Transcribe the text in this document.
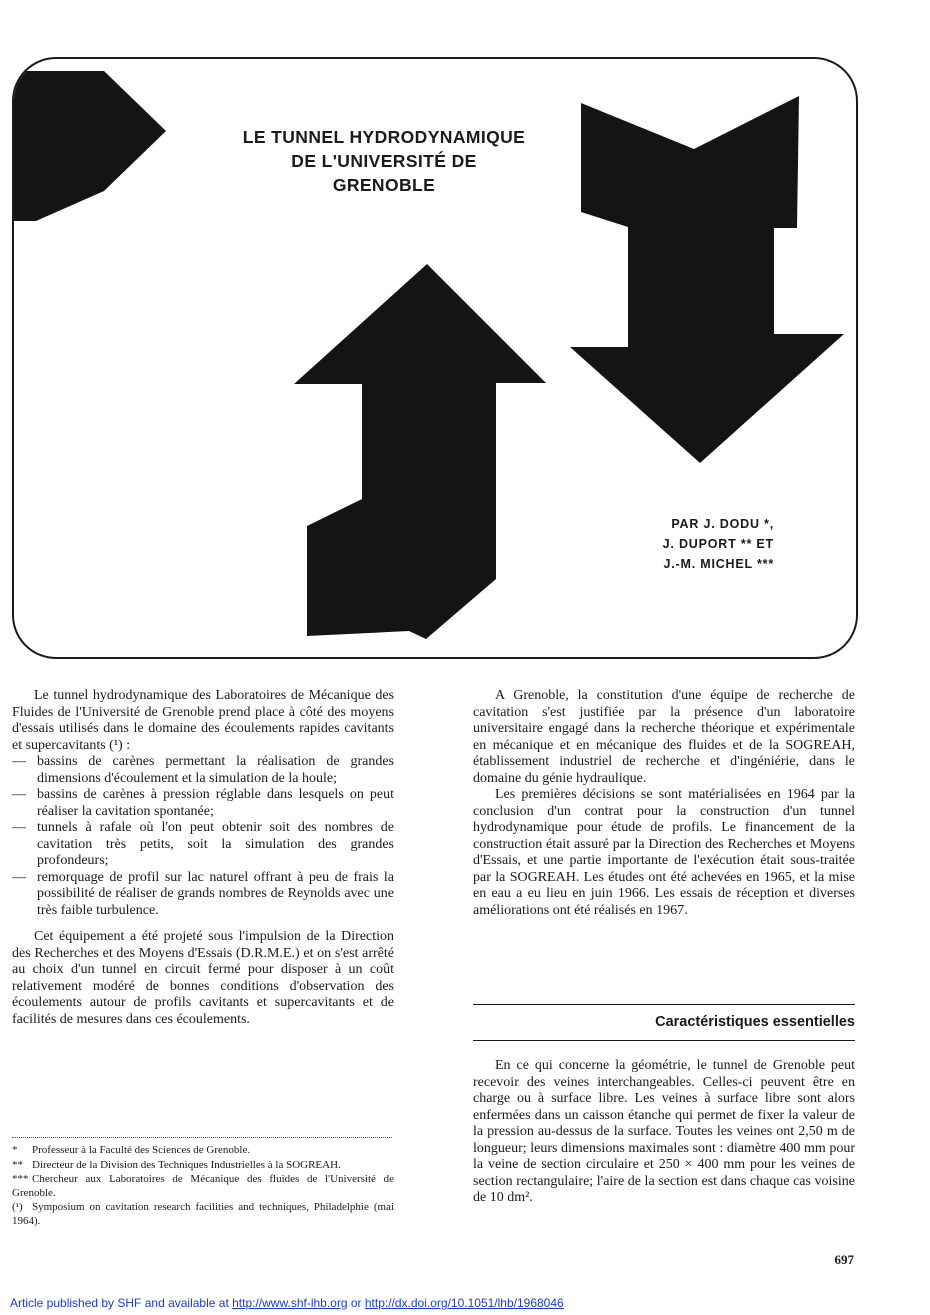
LE TUNNEL HYDRODYNAMIQUE
DE L'UNIVERSITÉ DE
GRENOBLE
PAR J. DODU *,
J. DUPORT ** ET
J.-M. MICHEL ***

Le tunnel hydrodynamique des Laboratoires de Mécanique des Fluides de l'Université de Grenoble prend place à côté des moyens d'essais utilisés dans le domaine des écoulements rapides cavitants et supercavitants (¹) :

— bassins de carènes permettant la réalisation de grandes dimensions d'écoulement et la simulation de la houle;
— bassins de carènes à pression réglable dans lesquels on peut réaliser la cavitation spontanée;
— tunnels à rafale où l'on peut obtenir soit des nombres de cavitation très petits, soit la simulation des grandes profondeurs;
— remorquage de profil sur lac naturel offrant à peu de frais la possibilité de réaliser de grands nombres de Reynolds avec une très faible turbulence.

Cet équipement a été projeté sous l'impulsion de la Direction des Recherches et des Moyens d'Essais (D.R.M.E.) et on s'est arrêté au choix d'un tunnel en circuit fermé pour disposer à un coût relativement modéré de bonnes conditions d'observation des écoulements autour de profils cavitants et supercavitants et de facilités de mesures dans ces écoulements.

* Professeur à la Faculté des Sciences de Grenoble.
** Directeur de la Division des Techniques Industrielles à la SOGREAH.
*** Chercheur aux Laboratoires de Mécanique des fluides de l'Université de Grenoble.
(¹) Symposium on cavitation research facilities and techniques, Philadelphie (mai 1964).

A Grenoble, la constitution d'une équipe de recherche de cavitation s'est justifiée par la présence d'un laboratoire universitaire engagé dans la recherche théorique et expérimentale en mécanique et en mécanique des fluides et de la SOGREAH, établissement industriel de recherche et d'ingéniérie, dans le domaine du génie hydraulique.

Les premières décisions se sont matérialisées en 1964 par la conclusion d'un contrat pour la construction d'un tunnel hydrodynamique pour étude de profils. Le financement de la construction était assuré par la Direction des Recherches et Moyens d'Essais, et une partie importante de l'exécution était sous-traitée par la SOGREAH. Les études ont été achevées en 1965, et la mise en eau a eu lieu en juin 1966. Les essais de réception et diverses améliorations ont été réalisés en 1967.

Caractéristiques essentielles

En ce qui concerne la géométrie, le tunnel de Grenoble peut recevoir des veines interchangeables. Celles-ci peuvent être en charge ou à surface libre. Les veines à surface libre sont alors enfermées dans un caisson étanche qui permet de fixer la valeur de la pression au-dessus de la surface. Toutes les veines ont 2,50 m de longueur; leurs dimensions maximales sont : diamètre 400 mm pour la veine de section circulaire et 250 × 400 mm pour les veines de section rectangulaire; l'aire de la section est dans chaque cas voisine de 10 dm².

697
Article published by SHF and available at http://www.shf-lhb.org or http://dx.doi.org/10.1051/lhb/1968046
